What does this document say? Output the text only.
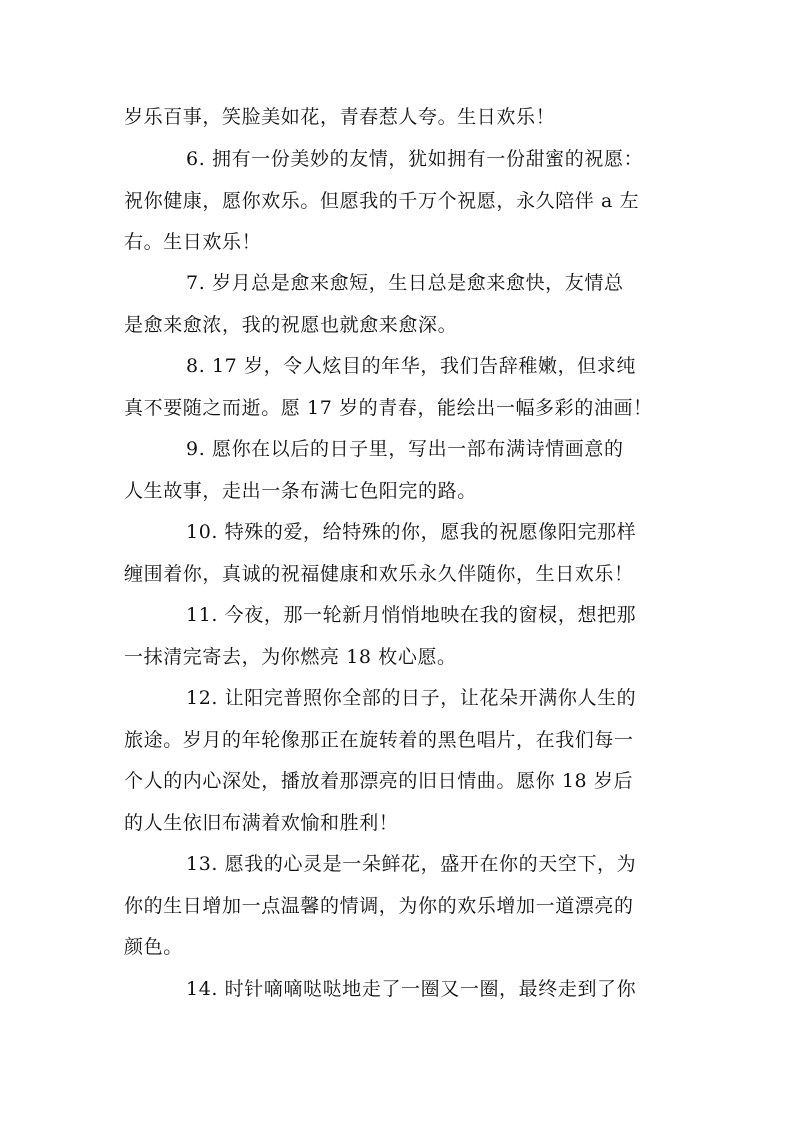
岁乐百事，笑脸美如花，青春惹人夸。生日欢乐！
6. 拥有一份美妙的友情，犹如拥有一份甜蜜的祝愿：
祝你健康，愿你欢乐。但愿我的千万个祝愿，永久陪伴 a 左
右。生日欢乐！
7. 岁月总是愈来愈短，生日总是愈来愈快，友情总
是愈来愈浓，我的祝愿也就愈来愈深。
8. 17 岁，令人炫目的年华，我们告辞稚嫩，但求纯
真不要随之而逝。愿 17 岁的青春，能绘出一幅多彩的油画！
9. 愿你在以后的日子里，写出一部布满诗情画意的
人生故事，走出一条布满七色阳完的路。
10. 特殊的爱，给特殊的你，愿我的祝愿像阳完那样
缠围着你，真诚的祝福健康和欢乐永久伴随你，生日欢乐！
11. 今夜，那一轮新月悄悄地映在我的窗棂，想把那
一抹清完寄去，为你燃亮 18 枚心愿。
12. 让阳完普照你全部的日子，让花朵开满你人生的
旅途。岁月的年轮像那正在旋转着的黑色唱片，在我们每一
个人的内心深处，播放着那漂亮的旧日情曲。愿你 18 岁后
的人生依旧布满着欢愉和胜利！
13. 愿我的心灵是一朵鲜花，盛开在你的天空下，为
你的生日增加一点温馨的情调，为你的欢乐增加一道漂亮的
颜色。
14. 时针嘀嘀哒哒地走了一圈又一圈，最终走到了你
